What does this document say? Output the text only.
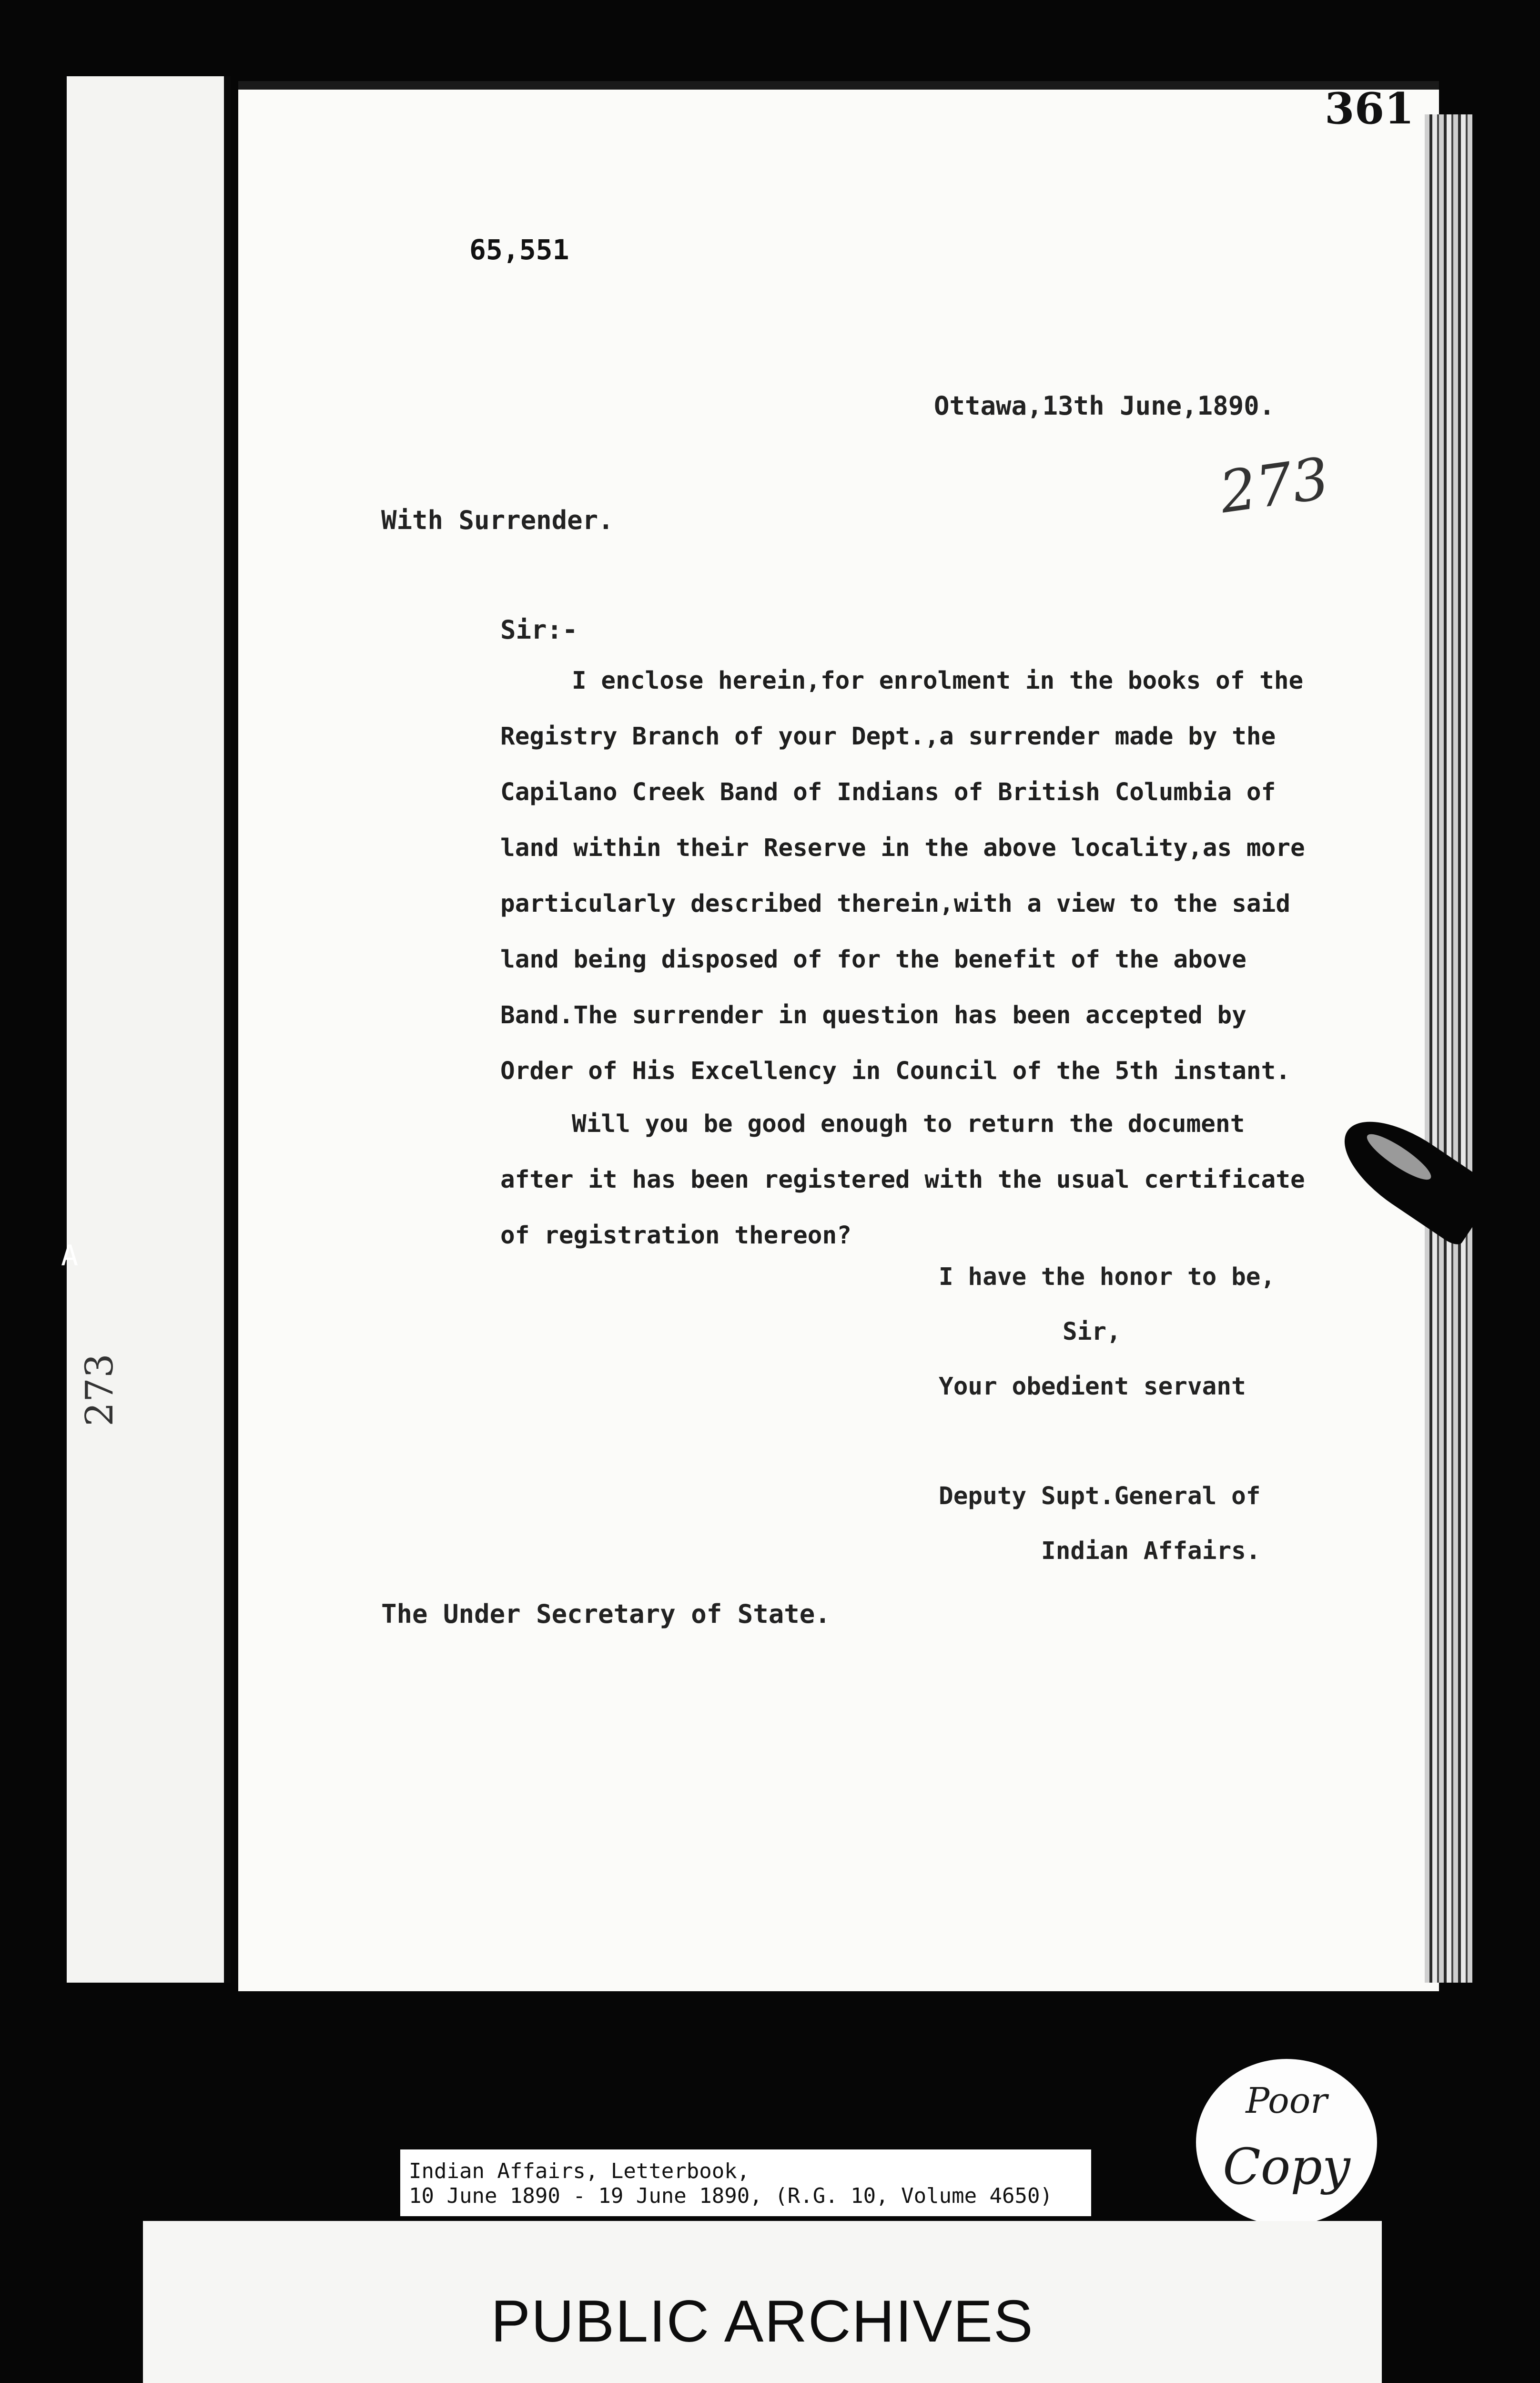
A
273
361
65,551
Ottawa,13th June,1890.
273
With Surrender.
Sir:-

I enclose herein,for enrolment in the books of the
Registry Branch of your Dept.,a surrender made by the
Capilano Creek Band of Indians of British Columbia of
land within their Reserve in the above locality,as more
particularly described therein,with a view to the said
land being disposed of for the benefit of the above
Band.The surrender in question has been accepted by
Order of His Excellency in Council of the 5th instant.

Will you be good enough to return the document
after it has been registered with the usual certificate
of registration thereon?

I have the honor to be,
Sir,
Your obedient servant
Deputy Supt.General of
Indian Affairs.
The Under Secretary of State.
Poor
Copy
Indian Affairs, Letterbook,
10 June 1890 - 19 June 1890, (R.G. 10, Volume 4650)
PUBLIC ARCHIVES
